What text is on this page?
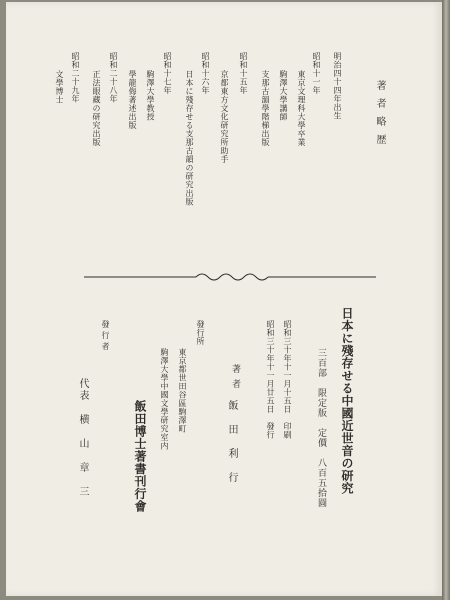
著者略歴
明治四十四年出生
昭和十一年
東京文理科大學卒業
駒澤大學講師
支那古韻學階梯出版
昭和十五年
京都東方文化研究所助手
昭和十六年
日本に殘存せる支那古韻の研究出版
昭和十七年
駒澤大學教授
學龍侮著述出版
昭和二十八年
正法眼藏の研究出版
昭和二十九年
文學博士
日本に殘存せる中國近世音の研究
三百部　限定版　定價　八百五拾圓
昭和三十年十一月十五日　印刷
昭和三十年十一月廿五日　發行
著者
飯　田　利　行
發行所
東京都世田谷區駒澤町
駒澤大學中國文學研究室内
飯田博士著書刊行會
發行者
代表　横　山　章　三
